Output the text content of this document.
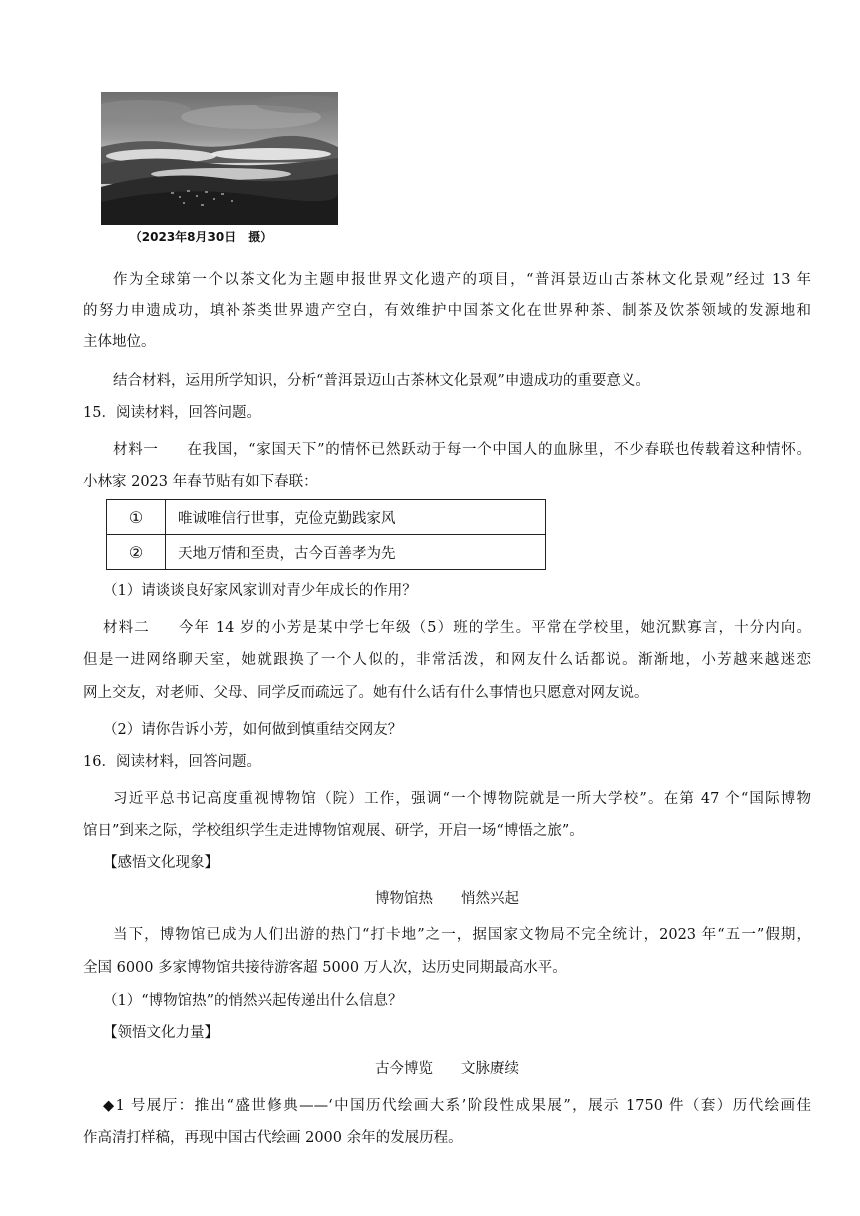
（2023年8月30日　摄）
作为全球第一个以茶文化为主题申报世界文化遗产的项目，“普洱景迈山古茶林文化景观”经过 13 年
的努力申遗成功，填补茶类世界遗产空白，有效维护中国茶文化在世界种茶、制茶及饮茶领域的发源地和
主体地位。
结合材料，运用所学知识，分析“普洱景迈山古茶林文化景观”申遗成功的重要意义。
15．阅读材料，回答问题。
材料一 在我国，“家国天下”的情怀已然跃动于每一个中国人的血脉里，不少春联也传载着这种情怀。
小林家 2023 年春节贴有如下春联：
①	唯诚唯信行世事，克俭克勤践家风
②	天地万情和至贵，古今百善孝为先
（1）请谈谈良好家风家训对青少年成长的作用？
材料二 今年 14 岁的小芳是某中学七年级（5）班的学生。平常在学校里，她沉默寡言，十分内向。
但是一进网络聊天室，她就跟换了一个人似的，非常活泼，和网友什么话都说。渐渐地，小芳越来越迷恋
网上交友，对老师、父母、同学反而疏远了。她有什么话有什么事情也只愿意对网友说。
（2）请你告诉小芳，如何做到慎重结交网友？
16．阅读材料，回答问题。
习近平总书记高度重视博物馆（院）工作，强调“一个博物院就是一所大学校”。在第 47 个“国际博物
馆日”到来之际，学校组织学生走进博物馆观展、研学，开启一场“博悟之旅”。
【感悟文化现象】
博物馆热 悄然兴起
当下，博物馆已成为人们出游的热门“打卡地”之一，据国家文物局不完全统计，2023 年“五一”假期，
全国 6000 多家博物馆共接待游客超 5000 万人次，达历史同期最高水平。
（1）“博物馆热”的悄然兴起传递出什么信息？
【领悟文化力量】
古今博览 文脉赓续
◆1 号展厅：推出“盛世修典——‘中国历代绘画大系’阶段性成果展”，展示 1750 件（套）历代绘画佳
作高清打样稿，再现中国古代绘画 2000 余年的发展历程。
